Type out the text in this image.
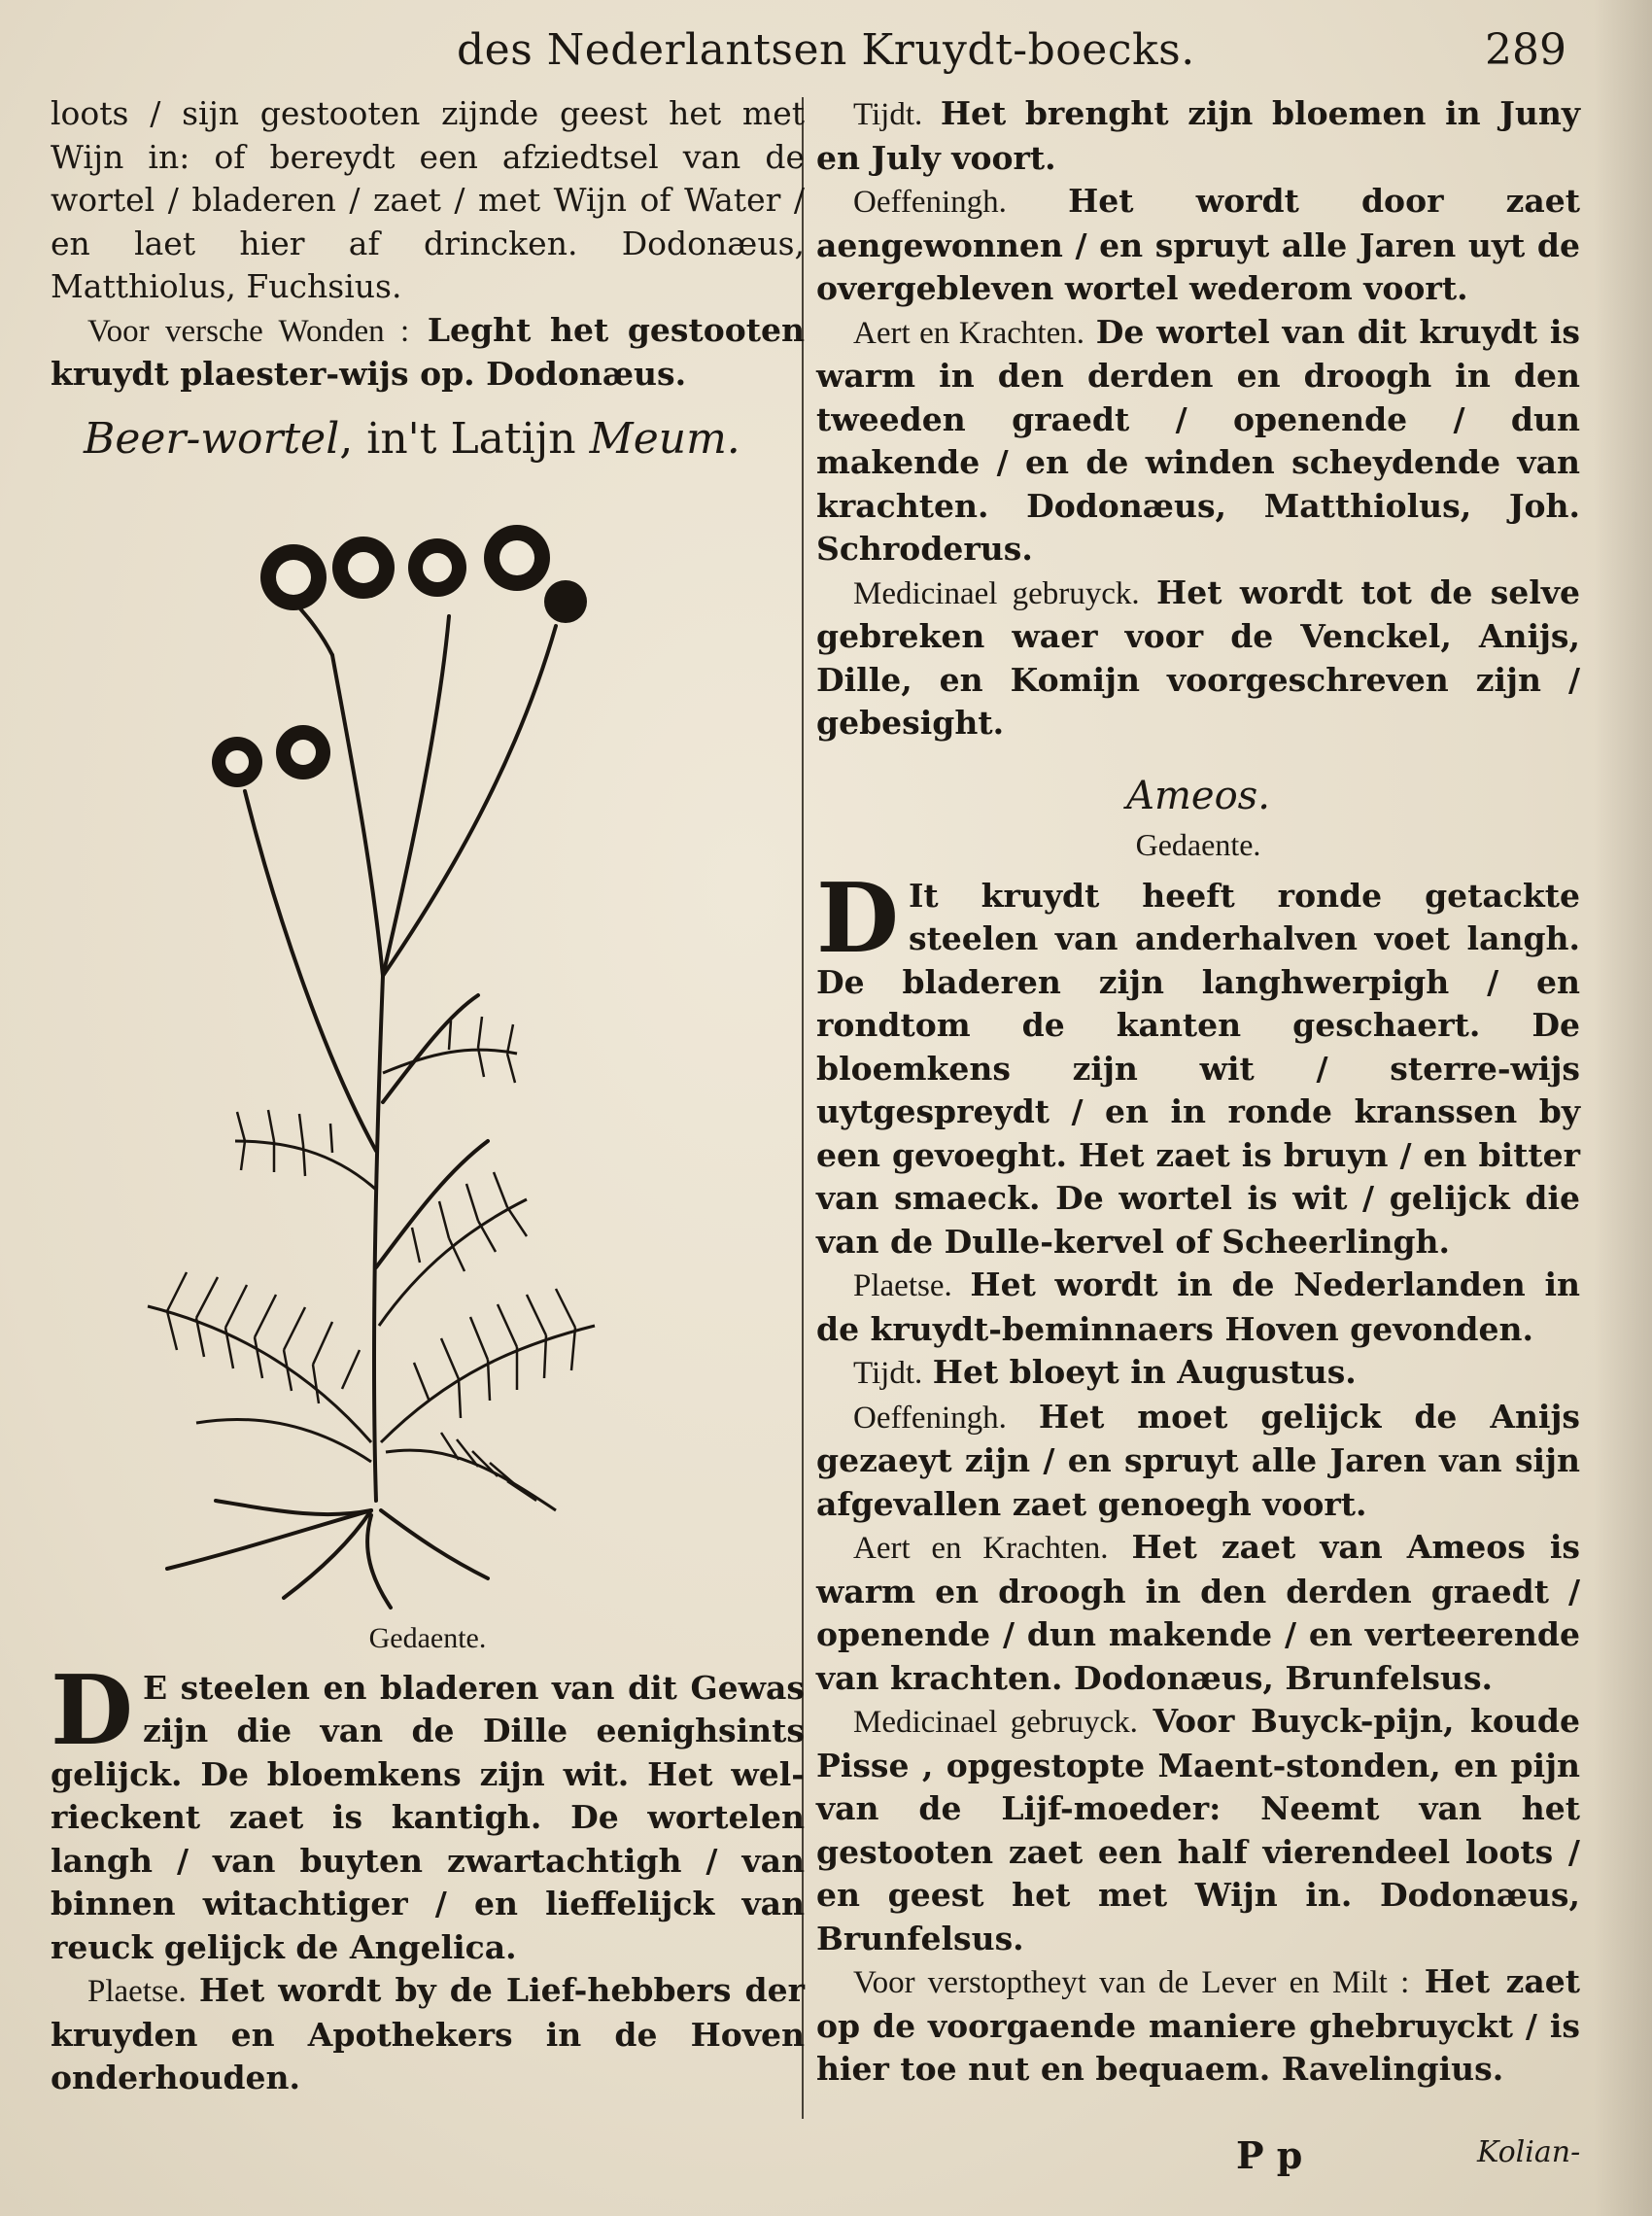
des Nederlantsen Kruydt-boecks.	289

loots / sijn gestooten zijnde geest het met Wijn in: of bereydt een afziedtsel van de wortel / bladeren / zaet / met Wijn of Water / en laet hier af drincken. Dodonæus, Matthiolus, Fuchsius.

Voor versche Wonden : Leght het gestooten kruydt plaester-wijs op. Dodonæus.

Beer-wortel, in't Latijn Meum.
Gedaente.
D E steelen en bladeren van dit Gewas zijn die van de Dille eenighsints gelijck. De bloemkens zijn wit. Het wel-rieckent zaet is kantigh. De wortelen langh / van buyten zwartachtigh / van binnen witachtiger / en lieffelijck van reuck gelijck de Angelica.

Plaetse. Het wordt by de Lief-hebbers der kruyden en Apothekers in de Hoven onderhouden.

Tijdt. Het brenght zijn bloemen in Juny en July voort.

Oeffeningh. Het wordt door zaet aengewonnen / en spruyt alle Jaren uyt de overgebleven wortel wederom voort.

Aert en Krachten. De wortel van dit kruydt is warm in den derden en droogh in den tweeden graedt / openende / dun makende / en de winden scheydende van krachten. Dodonæus, Matthiolus, Joh. Schroderus.

Medicinael gebruyck. Het wordt tot de selve gebreken waer voor de Venckel, Anijs, Dille, en Komijn voorgeschreven zijn / gebesight.

Ameos.
Gedaente.
D It kruydt heeft ronde getackte steelen van anderhalven voet langh. De bladeren zijn langhwerpigh / en rondtom de kanten geschaert. De bloemkens zijn wit / sterre-wijs uytgespreydt / en in ronde kranssen by een gevoeght. Het zaet is bruyn / en bitter van smaeck. De wortel is wit / gelijck die van de Dulle-kervel of Scheerlingh.

Plaetse. Het wordt in de Nederlanden in de kruydt-beminnaers Hoven gevonden.

Tijdt. Het bloeyt in Augustus.

Oeffeningh. Het moet gelijck de Anijs gezaeyt zijn / en spruyt alle Jaren van sijn afgevallen zaet genoegh voort.

Aert en Krachten. Het zaet van Ameos is warm en droogh in den derden graedt / openende / dun makende / en verteerende van krachten. Dodonæus, Brunfelsus.

Medicinael gebruyck. Voor Buyck-pijn, koude Pisse , opgestopte Maent-stonden, en pijn van de Lijf-moeder: Neemt van het gestooten zaet een half vierendeel loots / en geest het met Wijn in. Dodonæus, Brunfelsus.

Voor verstoptheyt van de Lever en Milt : Het zaet op de voorgaende maniere ghebruyckt / is hier toe nut en bequaem. Ravelingius.

P p	Kolian-
